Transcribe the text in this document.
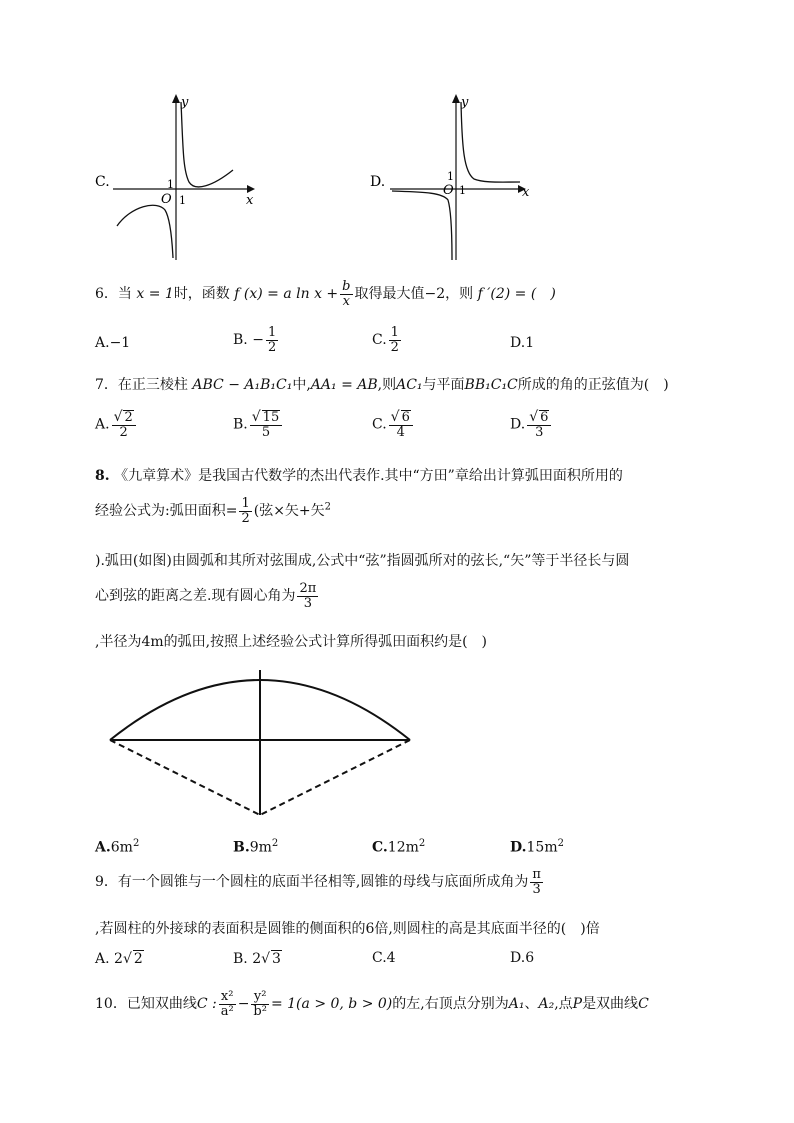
C.
y
x
O
1
1
D.
y
x
O
1
1
6．当 x = 1时，函数 f (x) = a $\ln x + \frac{b}{x}$ 取得最大值−2，则 f ′(2) = (　)
A.−1	B. − $\frac{1}{2}$	C. $\frac{1}{2}$	D.1
7．在正三棱柱 ABC − A₁B₁C₁中,AA₁ = AB,则AC₁与平面BB₁C₁C所成的角的正弦值为(　)
A. $\frac{√ 2}{2}$	B. $\frac{√ 15}{5}$	C. $\frac{√ 6}{4}$	D. $\frac{√ 6}{3}$
8. 《九章算术》是我国古代数学的杰出代表作.其中“方田”章给出计算弧田面积所用的
经验公式为:弧田面积= $\frac{1}{2}$ (弦×矢+矢$^2$
).弧田(如图)由圆弧和其所对弦围成,公式中“弦”指圆弧所对的弦长,“矢”等于半径长与圆
心到弦的距离之差.现有圆心角为 $\frac{2\pi}{3}$
,半径为4m的弧田,按照上述经验公式计算所得弧田面积约是(　)
$A.6m^2$	$B.9m^2$	$C.12m^2$	$D.15m^2$
9．有一个圆锥与一个圆柱的底面半径相等,圆锥的母线与底面所成角为 $\frac{\pi}{3}$
,若圆柱的外接球的表面积是圆锥的侧面积的6倍,则圆柱的高是其底面半径的(　)倍
A. 2√ 2	B. 2√ 3	C.4	D.6
10．已知双曲线C : $\frac{\text{x²}}{\text{a²}} - \frac{\text{y²}}{\text{b²}} = 1(a > 0$, b > 0)的左,右顶点分别为A₁、A₂,点P是双曲线C
